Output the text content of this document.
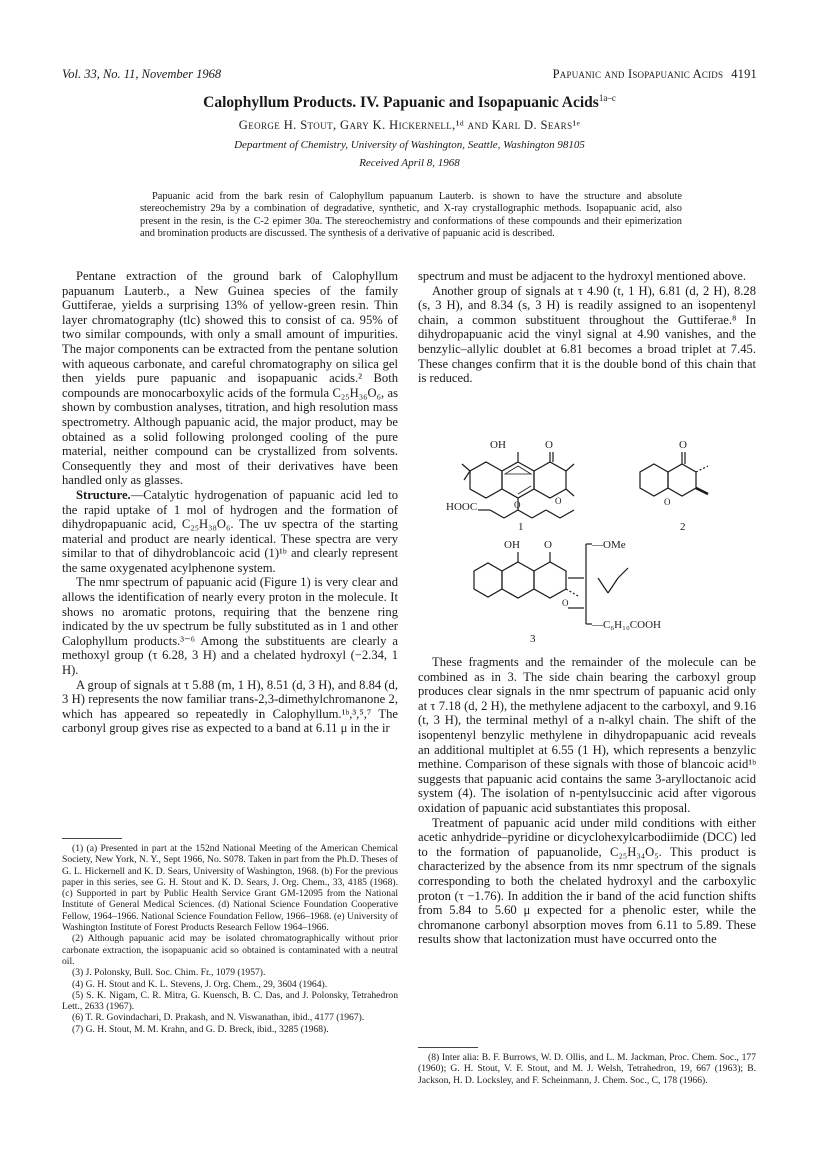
Vol. 33, No. 11, November 1968	Papuanic and Isopapuanic Acids 4191
Calophyllum Products. IV. Papuanic and Isopapuanic Acids$^{1a-c}$
George H. Stout, Gary K. Hickernell,¹ᵈ and Karl D. Sears¹ᵉ
Department of Chemistry, University of Washington, Seattle, Washington 98105
Received April 8, 1968

Papuanic acid from the bark resin of Calophyllum papuanum Lauterb. is shown to have the structure and absolute stereochemistry 29a by a combination of degradative, synthetic, and X-ray crystallographic methods. Isopapuanic acid, also present in the resin, is the C-2 epimer 30a. The stereochemistry and conformations of these compounds and their epimerization and bromination products are discussed. The synthesis of a derivative of papuanic acid is described.

Pentane extraction of the ground bark of Calophyllum papuanum Lauterb., a New Guinea species of the family Guttiferae, yields a surprising 13% of yellow-green resin. Thin layer chromatography (tlc) showed this to consist of ca. 95% of two similar compounds, with only a small amount of impurities. The major components can be extracted from the pentane solution with aqueous carbonate, and careful chromatography on silica gel then yields pure papuanic and isopapuanic acids.² Both compounds are monocarboxylic acids of the formula C₂₅H₃₆O₆, as shown by combustion analyses, titration, and high resolution mass spectrometry. Although papuanic acid, the major product, may be obtained as a solid following prolonged cooling of the pure material, neither compound can be crystallized from solvents. Consequently they and most of their derivatives have been handled only as glasses.

Structure.—Catalytic hydrogenation of papuanic acid led to the rapid uptake of 1 mol of hydrogen and the formation of dihydropapuanic acid, C₂₅H₃₈O₆. The uv spectra of the starting material and product are nearly identical. These spectra are very similar to that of dihydroblancoic acid (1)¹ᵇ and clearly represent the same oxygenated acylphenone system.

The nmr spectrum of papuanic acid (Figure 1) is very clear and allows the identification of nearly every proton in the molecule. It shows no aromatic protons, requiring that the benzene ring indicated by the uv spectrum be fully substituted as in 1 and other Calophyllum products.³⁻⁶ Among the substituents are clearly a methoxyl group (τ 6.28, 3 H) and a chelated hydroxyl (−2.34, 1 H).

A group of signals at τ 5.88 (m, 1 H), 8.51 (d, 3 H), and 8.84 (d, 3 H) represents the now familiar trans-2,3-dimethylchromanone 2, which has appeared so repeatedly in Calophyllum.¹ᵇ,³,⁵,⁷ The carbonyl group gives rise as expected to a band at 6.11 μ in the ir

(1) (a) Presented in part at the 152nd National Meeting of the American Chemical Society, New York, N. Y., Sept 1966, No. S078. Taken in part from the Ph.D. Theses of G. L. Hickernell and K. D. Sears, University of Washington, 1968. (b) For the previous paper in this series, see G. H. Stout and K. D. Sears, J. Org. Chem., 33, 4185 (1968). (c) Supported in part by Public Health Service Grant GM-12095 from the National Institute of General Medical Sciences. (d) National Science Foundation Cooperative Fellow, 1964–1966. National Science Foundation Fellow, 1966–1968. (e) University of Washington Institute of Forest Products Research Fellow 1964–1966.

(2) Although papuanic acid may be isolated chromatographically without prior carbonate extraction, the isopapuanic acid so obtained is contaminated with a neutral oil.

(3) J. Polonsky, Bull. Soc. Chim. Fr., 1079 (1957).

(4) G. H. Stout and K. L. Stevens, J. Org. Chem., 29, 3604 (1964).

(5) S. K. Nigam, C. R. Mitra, G. Kuensch, B. C. Das, and J. Polonsky, Tetrahedron Lett., 2633 (1967).

(6) T. R. Govindachari, D. Prakash, and N. Viswanathan, ibid., 4177 (1967).

(7) G. H. Stout, M. M. Krahn, and G. D. Breck, ibid., 3285 (1968).

spectrum and must be adjacent to the hydroxyl mentioned above.

Another group of signals at τ 4.90 (t, 1 H), 6.81 (d, 2 H), 8.28 (s, 3 H), and 8.34 (s, 3 H) is readily assigned to an isopentenyl chain, a common substituent throughout the Guttiferae.⁸ In dihydropapuanic acid the vinyl signal at 4.90 vanishes, and the benzylic–allylic doublet at 6.81 becomes a broad triplet at 7.45. These changes confirm that it is the double bond of this chain that is reduced.

OH	O
O	O
HOOC
1
O
O
2
OH O
O
—OMe
—C₆H₁₀COOH
3

These fragments and the remainder of the molecule can be combined as in 3. The side chain bearing the carboxyl group produces clear signals in the nmr spectrum of papuanic acid only at τ 7.18 (d, 2 H), the methylene adjacent to the carboxyl, and 9.16 (t, 3 H), the terminal methyl of a n-alkyl chain. The shift of the isopentenyl benzylic methylene in dihydropapuanic acid reveals an additional multiplet at 6.55 (1 H), which represents a benzylic methine. Comparison of these signals with those of blancoic acid¹ᵇ suggests that papuanic acid contains the same 3-arylloctanoic acid system (4). The isolation of n-pentylsuccinic acid after vigorous oxidation of papuanic acid substantiates this proposal.

Treatment of papuanic acid under mild conditions with either acetic anhydride–pyridine or dicyclohexylcarbodiimide (DCC) led to the formation of papuanolide, C₂₅H₃₄O₅. This product is characterized by the absence from its nmr spectrum of the signals corresponding to both the chelated hydroxyl and the carboxylic proton (τ −1.76). In addition the ir band of the acid function shifts from 5.84 to 5.60 μ expected for a phenolic ester, while the chromanone carbonyl absorption moves from 6.11 to 5.89. These results show that lactonization must have occurred onto the

(8) Inter alia: B. F. Burrows, W. D. Ollis, and L. M. Jackman, Proc. Chem. Soc., 177 (1960); G. H. Stout, V. F. Stout, and M. J. Welsh, Tetrahedron, 19, 667 (1963); B. Jackson, H. D. Locksley, and F. Scheinmann, J. Chem. Soc., C, 178 (1966).
